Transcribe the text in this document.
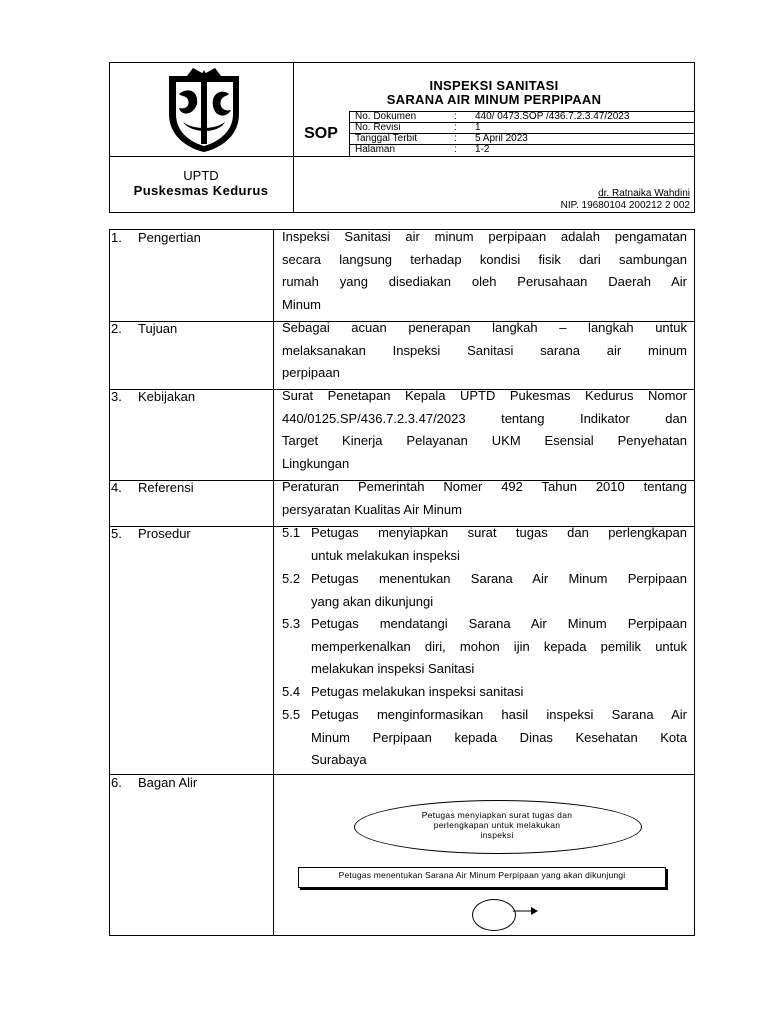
INSPEKSI SANITASI
SARANA AIR MINUM PERPIPAAN
SOP
No. Dokumen	: 440/ 0473.SOP /436.7.2.3.47/2023
No. Revisi	: 1
Tanggal Terbit	: 5 April 2023
Halaman	: 1-2
UPTD
Puskesmas Kedurus	dr. Ratnaika Wahdini
NIP. 19680104 200212 2 002
1. Pengertian	Inspeksi Sanitasi air minum perpipaan adalah pengamatan
secara langsung terhadap kondisi fisik dari sambungan
rumah yang disediakan oleh Perusahaan Daerah Air
Minum
2. Tujuan	Sebagai acuan penerapan langkah – langkah untuk
melaksanakan Inspeksi Sanitasi sarana air minum
perpipaan
3. Kebijakan	Surat Penetapan Kepala UPTD Pukesmas Kedurus Nomor
440/0125.SP/436.7.2.3.47/2023 tentang Indikator dan
Target Kinerja Pelayanan UKM Esensial Penyehatan
Lingkungan
4. Referensi	Peraturan Pemerintah Nomer 492 Tahun 2010 tentang
persyaratan Kualitas Air Minum
5. Prosedur	5.1 Petugas menyiapkan surat tugas dan perlengkapan
untuk melakukan inspeksi
5.2 Petugas menentukan Sarana Air Minum Perpipaan
yang akan dikunjungi
5.3 Petugas mendatangi Sarana Air Minum Perpipaan
memperkenalkan diri, mohon ijin kepada pemilik untuk
melakukan inspeksi Sanitasi
5.4 Petugas melakukan inspeksi sanitasi
5.5 Petugas menginformasikan hasil inspeksi Sarana Air
Minum Perpipaan kepada Dinas Kesehatan Kota
Surabaya
6. Bagan Alir
Petugas menyiapkan surat tugas dan
perlengkapan untuk melakukan
inspeksi
Petugas menentukan Sarana Air Minum Perpipaan yang akan dikunjungi
